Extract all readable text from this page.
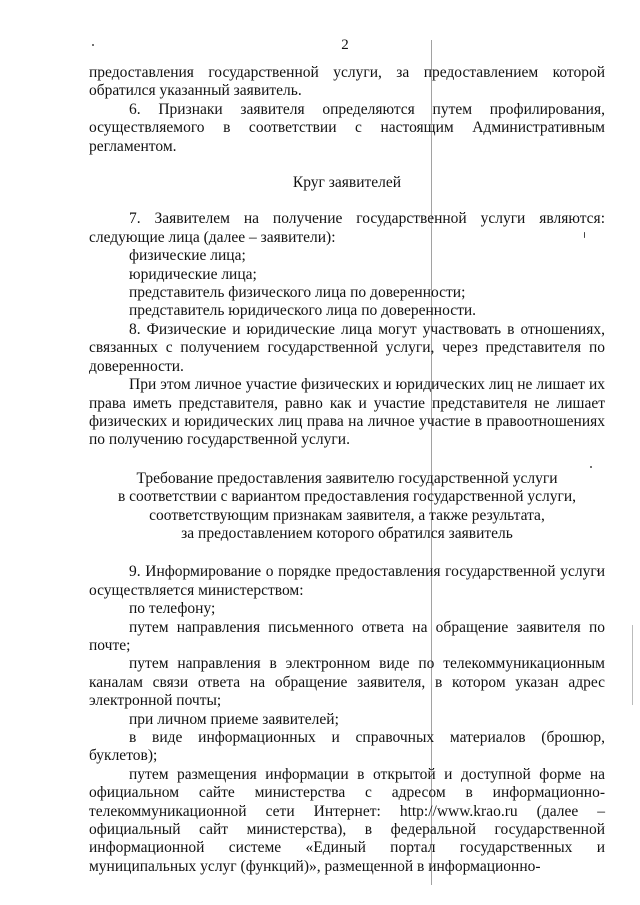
2

предоставления государственной услуги, за предоставлением которой обратился указанный заявитель.

6. Признаки заявителя определяются путем профилирования, осуществляемого в соответствии с настоящим Административным регламентом.

Круг заявителей

7. Заявителем на получение государственной услуги являются: следующие лица (далее – заявители):

физические лица;

юридические лица;

представитель физического лица по доверенности;

представитель юридического лица по доверенности.

8. Физические и юридические лица могут участвовать в отношениях, связанных с получением государственной услуги, через представителя по доверенности.

При этом личное участие физических и юридических лиц не лишает их права иметь представителя, равно как и участие представителя не лишает физических и юридических лиц права на личное участие в правоотношениях по получению государственной услуги.

Требование предоставления заявителю государственной услуги

в соответствии с вариантом предоставления государственной услуги,

соответствующим признакам заявителя, а также результата,

за предоставлением которого обратился заявитель

9. Информирование о порядке предоставления государственной услуги осуществляется министерством:

по телефону;

путем направления письменного ответа на обращение заявителя по почте;

путем направления в электронном виде по телекоммуникационным каналам связи ответа на обращение заявителя, в котором указан адрес электронной почты;

при личном приеме заявителей;

в виде информационных и справочных материалов (брошюр, буклетов);

путем размещения информации в открытой и доступной форме на официальном сайте министерства с адресом в информационно-телекоммуникационной сети Интернет: http://www.krao.ru (далее – официальный сайт министерства), в федеральной государственной информационной системе «Единый портал государственных и муниципальных услуг (функций)», размещенной в информационно-
